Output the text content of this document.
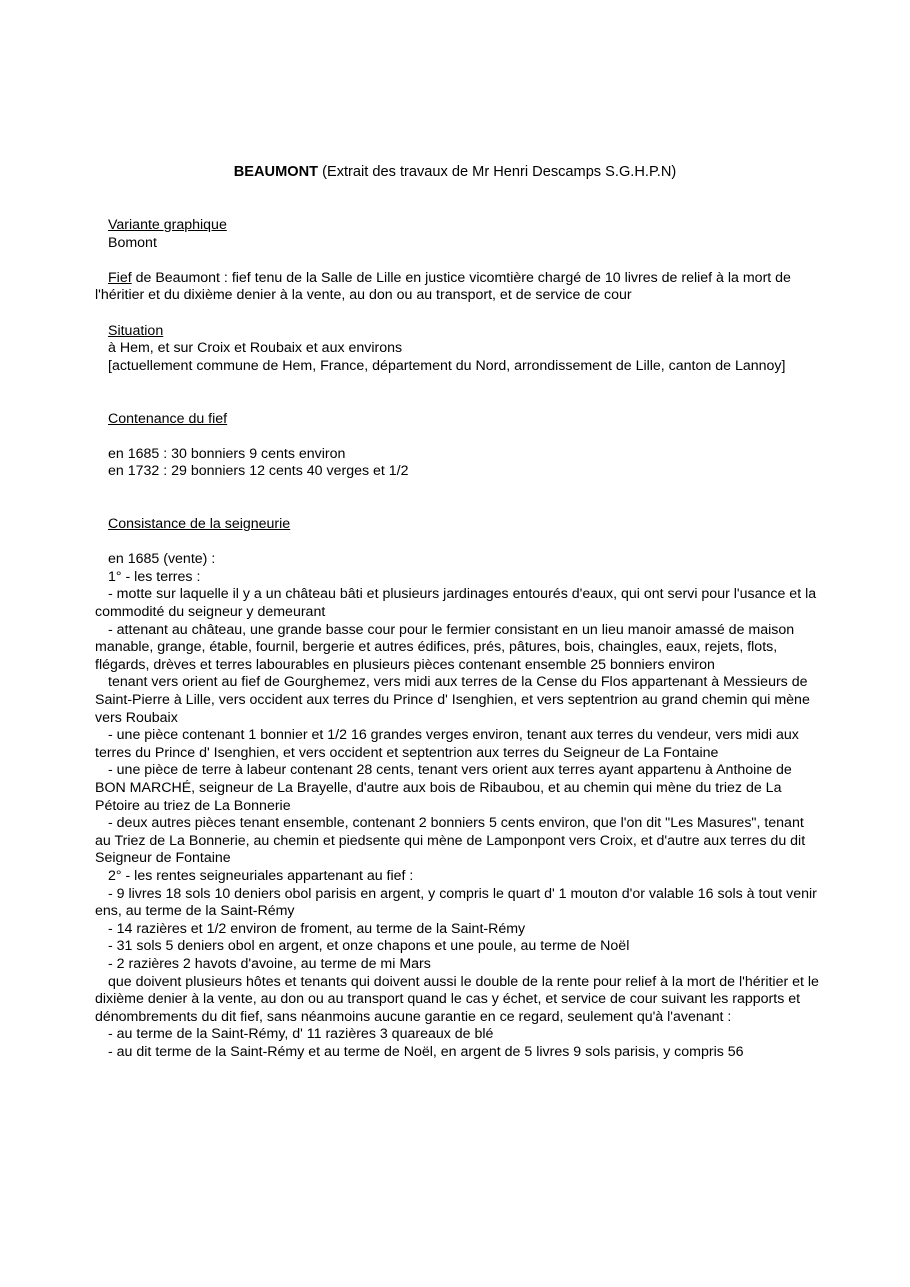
BEAUMONT (Extrait des travaux de Mr Henri Descamps S.G.H.P.N)

Variante graphique

Bomont

Fief de Beaumont : fief tenu de la Salle de Lille en justice vicomtière chargé de 10 livres de relief à la mort de l'héritier et du dixième denier à la vente, au don ou au transport, et de service de cour

Situation

à Hem, et sur Croix et Roubaix et aux environs

[actuellement commune de Hem, France, département du Nord, arrondissement de Lille, canton de Lannoy]

Contenance du fief

en 1685 : 30 bonniers 9 cents environ

en 1732 : 29 bonniers 12 cents 40 verges et 1/2

Consistance de la seigneurie

en 1685 (vente) :

1° - les terres :

- motte sur laquelle il y a un château bâti et plusieurs jardinages entourés d'eaux, qui ont servi pour l'usance et la commodité du seigneur y demeurant

- attenant au château, une grande basse cour pour le fermier consistant en un lieu manoir amassé de maison manable, grange, étable, fournil, bergerie et autres édifices, prés, pâtures, bois, chaingles, eaux, rejets, flots, flégards, drèves et terres labourables en plusieurs pièces contenant ensemble 25 bonniers environ

tenant vers orient au fief de Gourghemez, vers midi aux terres de la Cense du Flos appartenant à Messieurs de Saint-Pierre à Lille, vers occident aux terres du Prince d' Isenghien, et vers septentrion au grand chemin qui mène vers Roubaix

- une pièce contenant 1 bonnier et 1/2 16 grandes verges environ, tenant aux terres du vendeur, vers midi aux terres du Prince d' Isenghien, et vers occident et septentrion aux terres du Seigneur de La Fontaine

- une pièce de terre à labeur contenant 28 cents, tenant vers orient aux terres ayant appartenu à Anthoine de BON MARCHÉ, seigneur de La Brayelle, d'autre aux bois de Ribaubou, et au chemin qui mène du triez de La Pétoire au triez de La Bonnerie

- deux autres pièces tenant ensemble, contenant 2 bonniers 5 cents environ, que l'on dit "Les Masures", tenant au Triez de La Bonnerie, au chemin et piedsente qui mène de Lamponpont vers Croix, et d'autre aux terres du dit Seigneur de Fontaine

2° - les rentes seigneuriales appartenant au fief :

- 9 livres 18 sols 10 deniers obol parisis en argent, y compris le quart d' 1 mouton d'or valable 16 sols à tout venir ens, au terme de la Saint-Rémy

- 14 razières et 1/2 environ de froment, au terme de la Saint-Rémy

- 31 sols 5 deniers obol en argent, et onze chapons et une poule, au terme de Noël

- 2 razières 2 havots d'avoine, au terme de mi Mars

que doivent plusieurs hôtes et tenants qui doivent aussi le double de la rente pour relief à la mort de l'héritier et le dixième denier à la vente, au don ou au transport quand le cas y échet, et service de cour suivant les rapports et dénombrements du dit fief, sans néanmoins aucune garantie en ce regard, seulement qu'à l'avenant :

- au terme de la Saint-Rémy, d' 11 razières 3 quareaux de blé

- au dit terme de la Saint-Rémy et au terme de Noël, en argent de 5 livres 9 sols parisis, y compris 56
